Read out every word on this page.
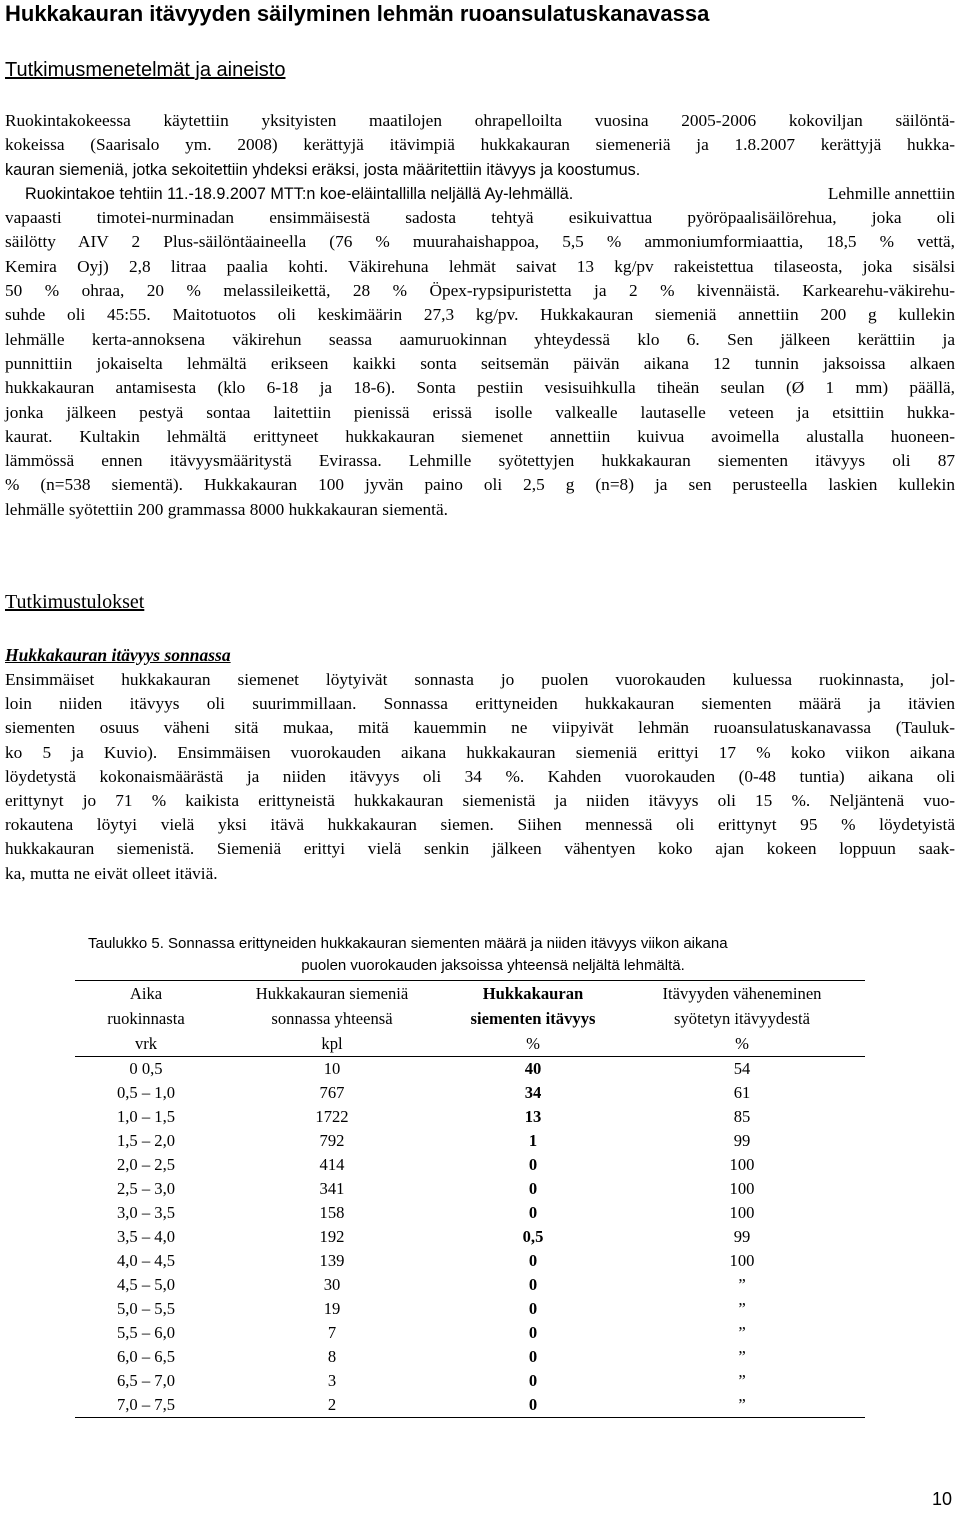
Hukkakauran itävyyden säilyminen lehmän ruoansulatuskanavassa
Tutkimusmenetelmät ja aineisto
Ruokintakokeessa käytettiin yksityisten maatilojen ohrapelloilta vuosina 2005-2006 kokoviljan säilöntä-
kokeissa (Saarisalo ym. 2008) kerättyjä itävimpiä hukkakauran siemeneriä ja 1.8.2007 kerättyjä hukka-
kauran siemeniä, jotka sekoitettiin yhdeksi eräksi, josta määritettiin itävyys ja koostumus.
Ruokintakoe tehtiin 11.-18.9.2007 MTT:n koe-eläintallilla neljällä Ay-lehmällä.	Lehmille annettiin
vapaasti timotei-nurminadan ensimmäisestä sadosta tehtyä esikuivattua pyöröpaalisäilörehua, joka oli
säilötty AIV 2 Plus-säilöntäaineella (76 % muurahaishappoa, 5,5 % ammoniumformiaattia, 18,5 % vettä,
Kemira Oyj) 2,8 litraa paalia kohti. Väkirehuna lehmät saivat 13 kg/pv rakeistettua tilaseosta, joka sisälsi
50 % ohraa, 20 % melassileikettä, 28 % Öpex-rypsipuristetta ja 2 % kivennäistä. Karkearehu-väkirehu-
suhde oli 45:55. Maitotuotos oli keskimäärin 27,3 kg/pv. Hukkakauran siemeniä annettiin 200 g kullekin
lehmälle kerta-annoksena väkirehun seassa aamuruokinnan yhteydessä klo 6. Sen jälkeen kerättiin ja
punnittiin jokaiselta lehmältä erikseen kaikki sonta seitsemän päivän aikana 12 tunnin jaksoissa alkaen
hukkakauran antamisesta (klo 6-18 ja 18-6). Sonta pestiin vesisuihkulla tiheän seulan (Ø 1 mm) päällä,
jonka jälkeen pestyä sontaa laitettiin pienissä erissä isolle valkealle lautaselle veteen ja etsittiin hukka-
kaurat. Kultakin lehmältä erittyneet hukkakauran siemenet annettiin kuivua avoimella alustalla huoneen-
lämmössä ennen itävyysmääritystä Evirassa. Lehmille syötettyjen hukkakauran siementen itävyys oli 87
% (n=538 siementä). Hukkakauran 100 jyvän paino oli 2,5 g (n=8) ja sen perusteella laskien kullekin
lehmälle syötettiin 200 grammassa 8000 hukkakauran siementä.
Tutkimustulokset
Hukkakauran itävyys sonnassa
Ensimmäiset hukkakauran siemenet löytyivät sonnasta jo puolen vuorokauden kuluessa ruokinnasta, jol-
loin niiden itävyys oli suurimmillaan. Sonnassa erittyneiden hukkakauran siementen määrä ja itävien
siementen osuus väheni sitä mukaa, mitä kauemmin ne viipyivät lehmän ruoansulatuskanavassa (Tauluk-
ko 5 ja Kuvio). Ensimmäisen vuorokauden aikana hukkakauran siemeniä erittyi 17 % koko viikon aikana
löydetystä kokonaismäärästä ja niiden itävyys oli 34 %. Kahden vuorokauden (0-48 tuntia) aikana oli
erittynyt jo 71 % kaikista erittyneistä hukkakauran siemenistä ja niiden itävyys oli 15 %. Neljäntenä vuo-
rokautena löytyi vielä yksi itävä hukkakauran siemen. Siihen mennessä oli erittynyt 95 % löydetyistä
hukkakauran siemenistä. Siemeniä erittyi vielä senkin jälkeen vähentyen koko ajan kokeen loppuun saak-
ka, mutta ne eivät olleet itäviä.
Taulukko 5. Sonnassa erittyneiden hukkakauran siementen määrä ja niiden itävyys viikon aikana
puolen vuorokauden jaksoissa yhteensä neljältä lehmältä.
Aika	Hukkakauran siemeniä	Hukkakauran	Itävyyden väheneminen
ruokinnasta	sonnassa yhteensä	siementen itävyys	syötetyn itävyydestä
vrk	kpl	%	%
0 0,5	10	40	54
0,5 – 1,0	767	34	61
1,0 – 1,5	1722	13	85
1,5 – 2,0	792	1	99
2,0 – 2,5	414	0	100
2,5 – 3,0	341	0	100
3,0 – 3,5	158	0	100
3,5 – 4,0	192	0,5	99
4,0 – 4,5	139	0	100
4,5 – 5,0	30	0	”
5,0 – 5,5	19	0	”
5,5 – 6,0	7	0	”
6,0 – 6,5	8	0	”
6,5 – 7,0	3	0	”
7,0 – 7,5	2	0	”
10
